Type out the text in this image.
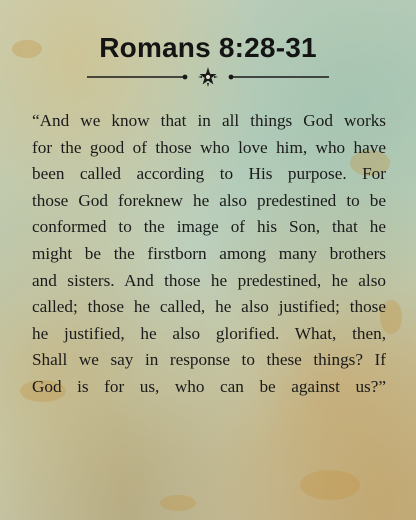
Romans 8:28-31
“And we know that in all things God works
for the good of those who love him, who have
been called according to His purpose. For
those God foreknew he also predestined to be
conformed to the image of his Son, that he
might be the firstborn among many brothers
and sisters. And those he predestined, he also
called; those he called, he also justified; those
he justified, he also glorified. What, then,
Shall we say in response to these things? If
God is for us, who can be against us?”
